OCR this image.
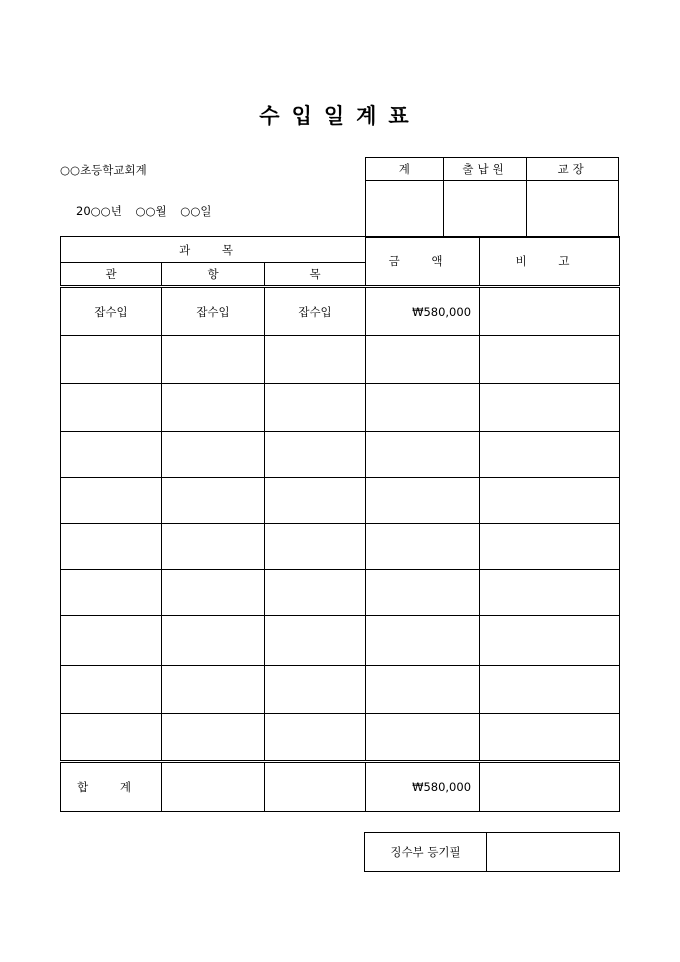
수입일계표
○○초등학교회계
20○○년 ○○월 ○○일
계	출납원	교장

과 목			금 액	비 고
관	항	목		
잡수입	잡수입	잡수입	₩580,000	

합 계			₩580,000	
징수부 등기필	
